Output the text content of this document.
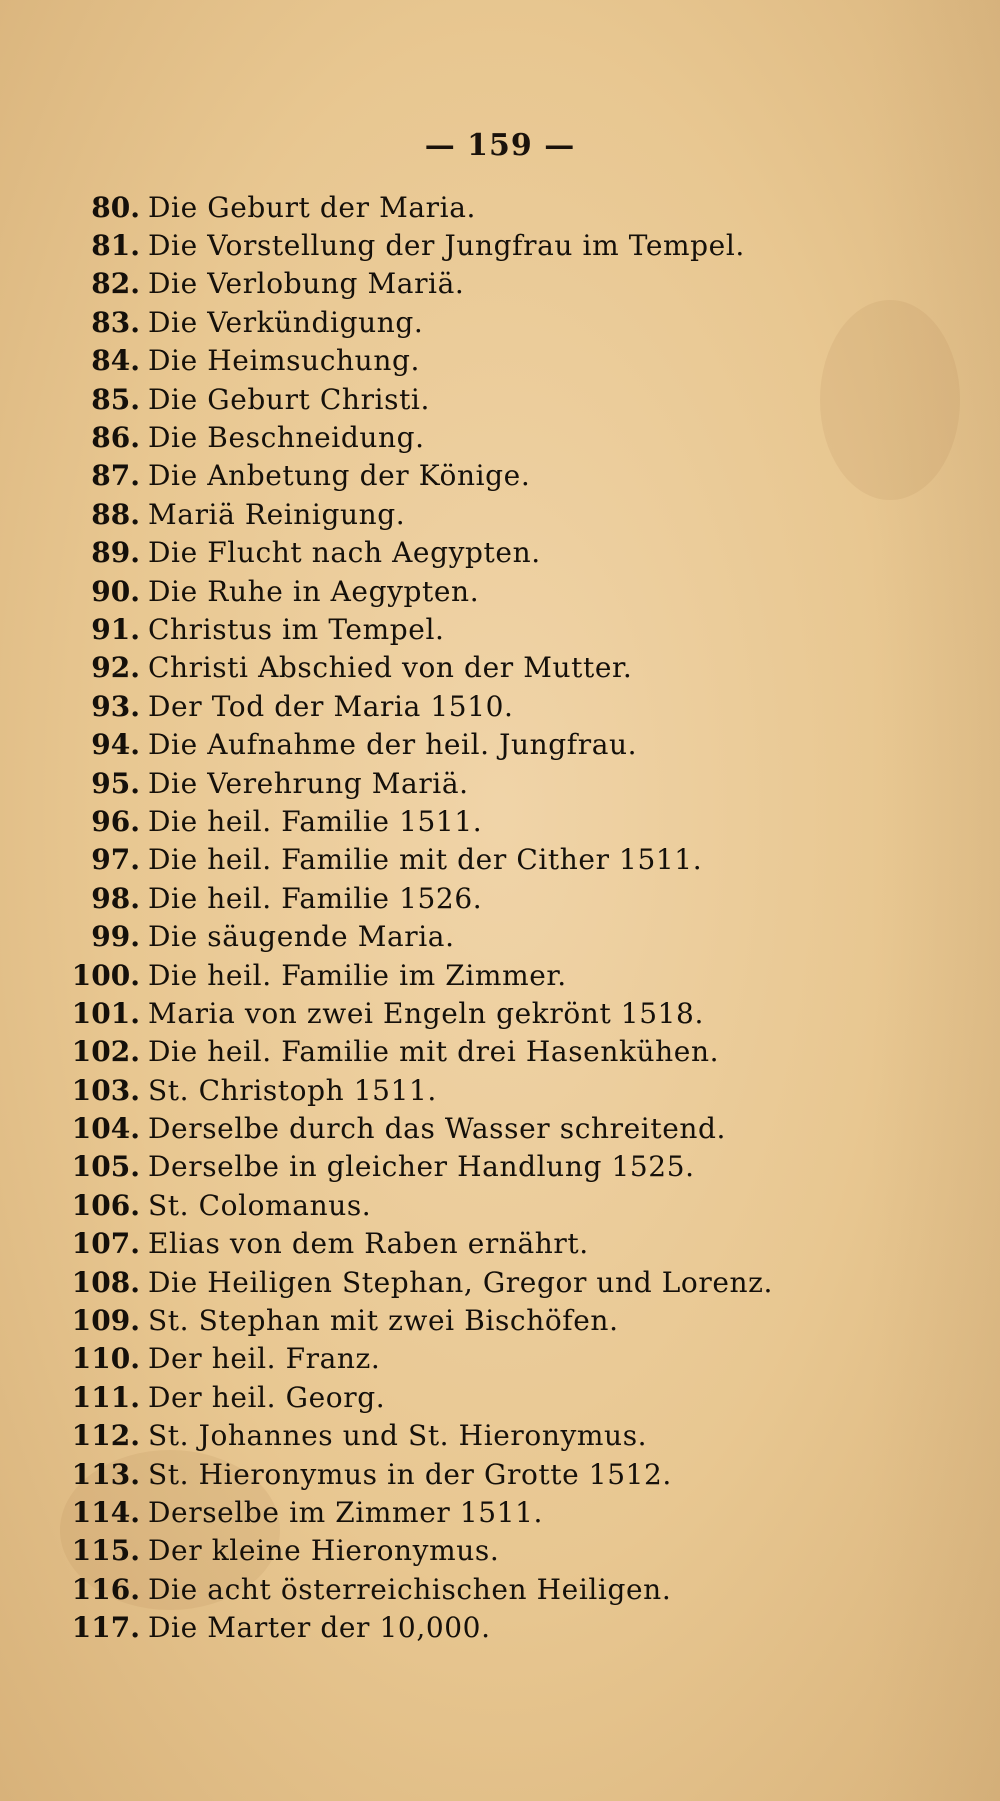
— 159 —
80. Die Geburt der Maria.
81. Die Vorstellung der Jungfrau im Tempel.
82. Die Verlobung Mariä.
83. Die Verkündigung.
84. Die Heimsuchung.
85. Die Geburt Christi.
86. Die Beschneidung.
87. Die Anbetung der Könige.
88. Mariä Reinigung.
89. Die Flucht nach Aegypten.
90. Die Ruhe in Aegypten.
91. Christus im Tempel.
92. Christi Abschied von der Mutter.
93. Der Tod der Maria 1510.
94. Die Aufnahme der heil. Jungfrau.
95. Die Verehrung Mariä.
96. Die heil. Familie 1511.
97. Die heil. Familie mit der Cither 1511.
98. Die heil. Familie 1526.
99. Die säugende Maria.
100. Die heil. Familie im Zimmer.
101. Maria von zwei Engeln gekrönt 1518.
102. Die heil. Familie mit drei Hasenkühen.
103. St. Christoph 1511.
104. Derselbe durch das Wasser schreitend.
105. Derselbe in gleicher Handlung 1525.
106. St. Colomanus.
107. Elias von dem Raben ernährt.
108. Die Heiligen Stephan, Gregor und Lorenz.
109. St. Stephan mit zwei Bischöfen.
110. Der heil. Franz.
111. Der heil. Georg.
112. St. Johannes und St. Hieronymus.
113. St. Hieronymus in der Grotte 1512.
114. Derselbe im Zimmer 1511.
115. Der kleine Hieronymus.
116. Die acht österreichischen Heiligen.
117. Die Marter der 10,000.
